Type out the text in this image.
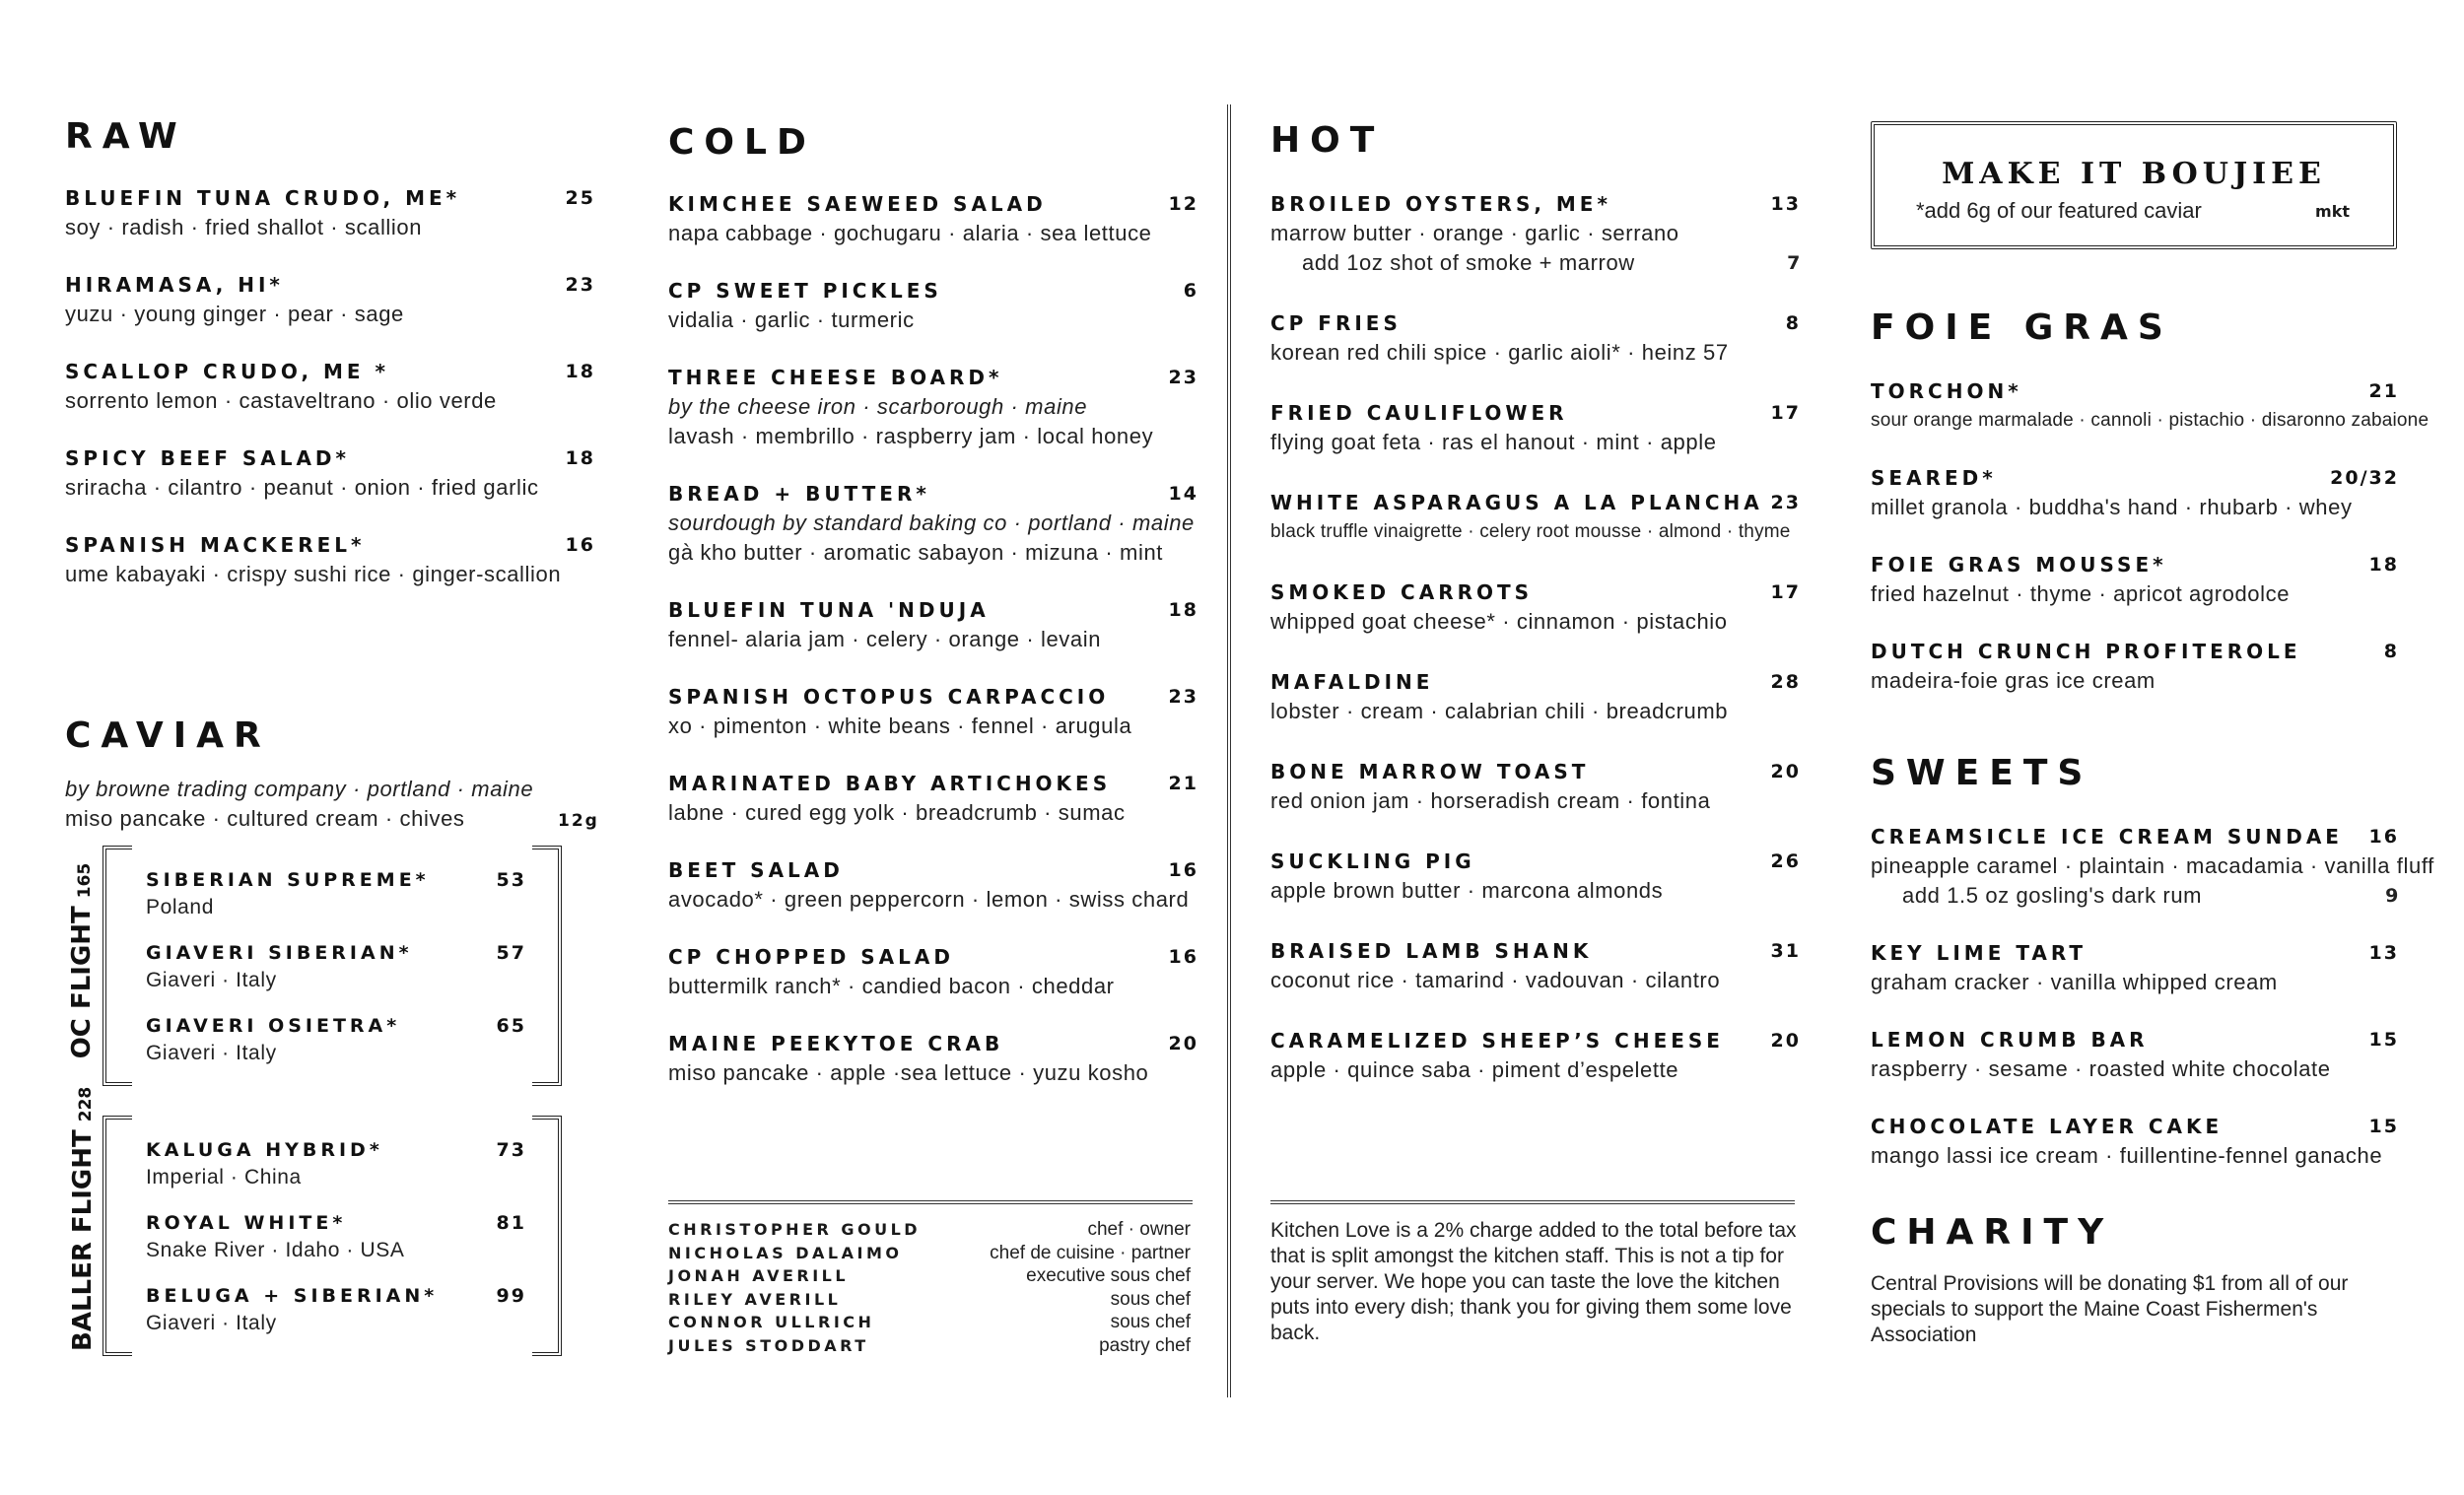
RAW
BLUEFIN TUNA CRUDO, ME*	25
soy · radish · fried shallot · scallion
HIRAMASA, HI*	23
yuzu · young ginger · pear · sage
SCALLOP CRUDO, ME *	18
sorrento lemon · castaveltrano · olio verde
SPICY BEEF SALAD*	18
sriracha · cilantro · peanut · onion · fried garlic
SPANISH MACKEREL*	16
ume kabayaki · crispy sushi rice · ginger-scallion
CAVIAR
by browne trading company · portland · maine
miso pancake · cultured cream · chives	12g
SIBERIAN SUPREME*	53
Poland
GIAVERI SIBERIAN*	57
Giaveri · Italy
GIAVERI OSIETRA*	65
Giaveri · Italy
OC FLIGHT165
KALUGA HYBRID*	73
Imperial · China
ROYAL WHITE*	81
Snake River · Idaho · USA
BELUGA + SIBERIAN*	99
Giaveri · Italy
BALLER FLIGHT228
COLD
KIMCHEE SAEWEED SALAD	12
napa cabbage · gochugaru · alaria · sea lettuce
CP SWEET PICKLES	6
vidalia · garlic · turmeric
THREE CHEESE BOARD*	23
by the cheese iron · scarborough · maine
lavash · membrillo · raspberry jam · local honey
BREAD + BUTTER*	14
sourdough by standard baking co · portland · maine
gà kho butter · aromatic sabayon · mizuna · mint
BLUEFIN TUNA 'NDUJA	18
fennel- alaria jam · celery · orange · levain
SPANISH OCTOPUS CARPACCIO	23
xo · pimenton · white beans · fennel · arugula
MARINATED BABY ARTICHOKES	21
labne · cured egg yolk · breadcrumb · sumac
BEET SALAD	16
avocado* · green peppercorn · lemon · swiss chard
CP CHOPPED SALAD	16
buttermilk ranch* · candied bacon · cheddar
MAINE PEEKYTOE CRAB	20
miso pancake · apple ·sea lettuce · yuzu kosho
CHRISTOPHER GOULD	chef · owner
NICHOLAS DALAIMO	chef de cuisine · partner
JONAH AVERILL	executive sous chef
RILEY AVERILL	sous chef
CONNOR ULLRICH	sous chef
JULES STODDART	pastry chef
HOT
BROILED OYSTERS, ME*	13
marrow butter · orange · garlic · serrano
add 1oz shot of smoke + marrow	7
CP FRIES	8
korean red chili spice · garlic aioli* · heinz 57
FRIED CAULIFLOWER	17
flying goat feta · ras el hanout · mint · apple
WHITE ASPARAGUS A LA PLANCHA 23
black truffle vinaigrette · celery root mousse · almond · thyme
SMOKED CARROTS	17
whipped goat cheese* · cinnamon · pistachio
MAFALDINE	28
lobster · cream · calabrian chili · breadcrumb
BONE MARROW TOAST	20
red onion jam · horseradish cream · fontina
SUCKLING PIG	26
apple brown butter · marcona almonds
BRAISED LAMB SHANK	31
coconut rice · tamarind · vadouvan · cilantro
CARAMELIZED SHEEP’S CHEESE	20
apple · quince saba · piment d’espelette
Kitchen Love is a 2% charge added to the total before tax that is split amongst the kitchen staff. This is not a tip for your server. We hope you can taste the love the kitchen puts into every dish; thank you for giving them some love back.
MAKE IT BOUJIEE
*add 6g of our featured caviar	mkt
FOIE GRAS
TORCHON*	21
sour orange marmalade · cannoli · pistachio · disaronno zabaione
SEARED*	20/32
millet granola · buddha's hand · rhubarb · whey
FOIE GRAS MOUSSE*	18
fried hazelnut · thyme · apricot agrodolce
DUTCH CRUNCH PROFITEROLE	8
madeira-foie gras ice cream
SWEETS
CREAMSICLE ICE CREAM SUNDAE	16
pineapple caramel · plaintain · macadamia · vanilla fluff
add 1.5 oz gosling's dark rum	9
KEY LIME TART	13
graham cracker · vanilla whipped cream
LEMON CRUMB BAR	15
raspberry · sesame · roasted white chocolate
CHOCOLATE LAYER CAKE	15
mango lassi ice cream · fuillentine-fennel ganache
CHARITY
Central Provisions will be donating $1 from all of our specials to support the Maine Coast Fishermen's Association
